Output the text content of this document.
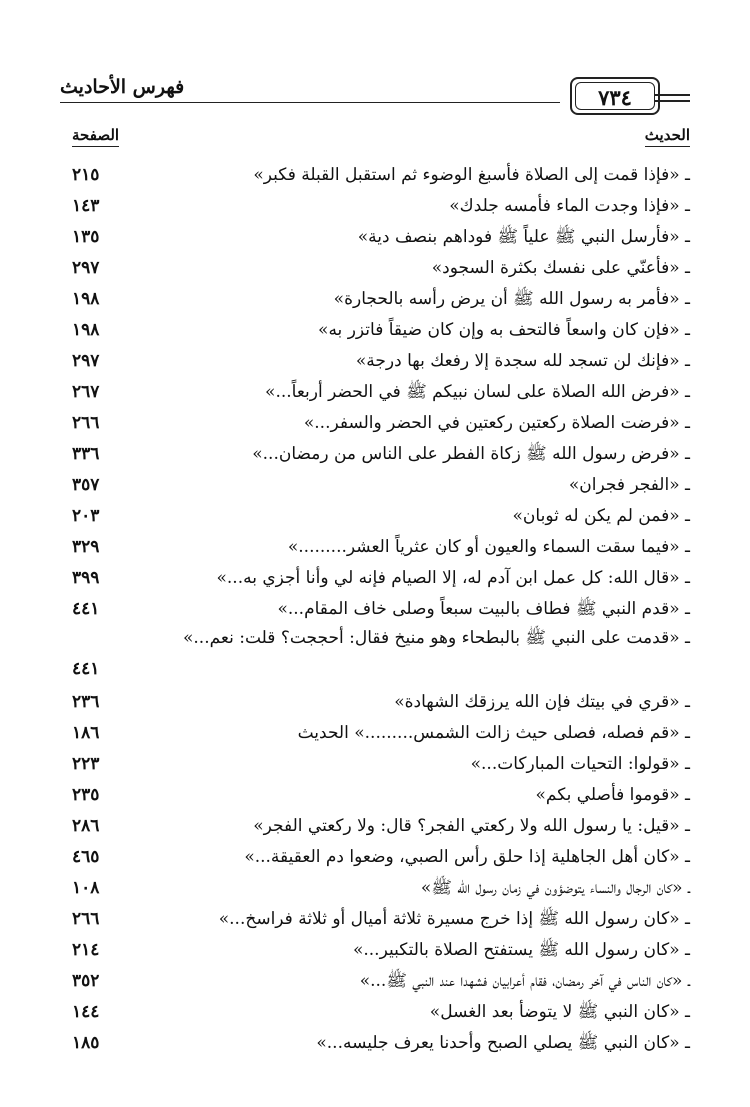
فهرس الأحاديث	٧٣٤
الحديث
الصفحة
ـ «فإذا قمت إلى الصلاة فأسبغ الوضوء ثم استقبل القبلة فكبر»
٢١٥
ـ «فإذا وجدت الماء فأمسه جلدك»
١٤٣
ـ «فأرسل النبي ﷺ علياً ﷺ فوداهم بنصف دية»
١٣٥
ـ «فأعنّي على نفسك بكثرة السجود»
٢٩٧
ـ «فأمر به رسول الله ﷺ أن يرض رأسه بالحجارة»
١٩٨
ـ «فإن كان واسعاً فالتحف به وإن كان ضيقاً فاتزر به»
١٩٨
ـ «فإنك لن تسجد لله سجدة إلا رفعك بها درجة»
٢٩٧
ـ «فرض الله الصلاة على لسان نبيكم ﷺ في الحضر أربعاً...»
٢٦٧
ـ «فرضت الصلاة ركعتين ركعتين في الحضر والسفر...»
٢٦٦
ـ «فرض رسول الله ﷺ زكاة الفطر على الناس من رمضان...»
٣٣٦
ـ «الفجر فجران»
٣٥٧
ـ «فمن لم يكن له ثوبان»
٢٠٣
ـ «فيما سقت السماء والعيون أو كان عثرياً العشر.........»
٣٢٩
ـ «قال الله: كل عمل ابن آدم له، إلا الصيام فإنه لي وأنا أجزي به...»
٣٩٩
ـ «قدم النبي ﷺ فطاف بالبيت سبعاً وصلى خاف المقام...»
٤٤١
ـ «قدمت على النبي ﷺ بالبطحاء وهو منيخ فقال: أحججت؟ قلت: نعم...»
٤٤١
ـ «قري في بيتك فإن الله يرزقك الشهادة»
٢٣٦
ـ «قم فصله، فصلى حيث زالت الشمس.........» الحديث
١٨٦
ـ «قولوا: التحيات المباركات...»
٢٢٣
ـ «قوموا فأصلي بكم»
٢٣٥
ـ «قيل: يا رسول الله ولا ركعتي الفجر؟ قال: ولا ركعتي الفجر»
٢٨٦
ـ «كان أهل الجاهلية إذا حلق رأس الصبي، وضعوا دم العقيقة...»
٤٦٥
ـ «كان الرجال والنساء يتوضؤون في زمان رسول الله ﷺ»
١٠٨
ـ «كان رسول الله ﷺ إذا خرج مسيرة ثلاثة أميال أو ثلاثة فراسخ...»
٢٦٦
ـ «كان رسول الله ﷺ يستفتح الصلاة بالتكبير...»
٢١٤
ـ «كان الناس في آخر رمضان، فقام أعرابيان فشهدا عند النبي ﷺ...»
٣٥٢
ـ «كان النبي ﷺ لا يتوضأ بعد الغسل»
١٤٤
ـ «كان النبي ﷺ يصلي الصبح وأحدنا يعرف جليسه...»
١٨٥
